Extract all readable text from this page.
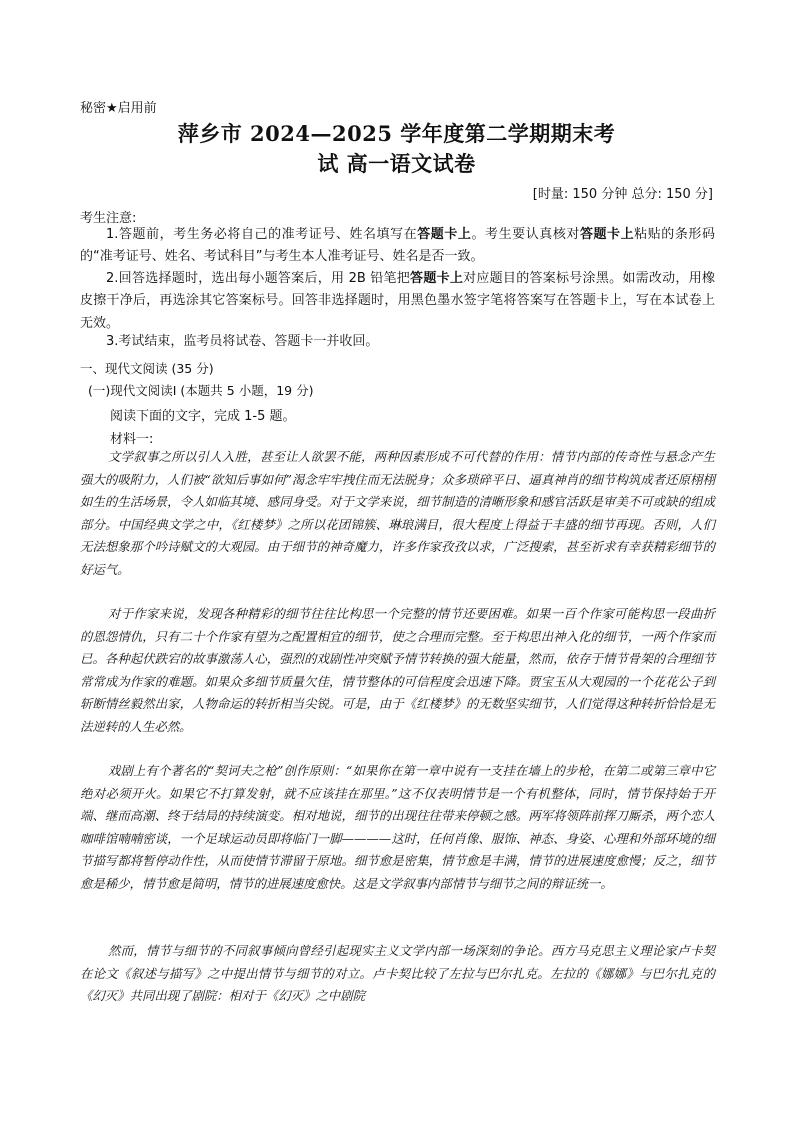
秘密★启用前
萍乡市 2024—2025 学年度第二学期期末考
试 高一语文试卷
[时量: 150 分钟 总分: 150 分]
考生注意:
1.答题前，考生务必将自己的准考证号、姓名填写在答题卡上。考生要认真核对答题卡上粘贴的条形码的“准考证号、姓名、考试科目”与考生本人准考证号、姓名是否一致。
2.回答选择题时，选出每小题答案后，用 2B 铅笔把答题卡上对应题目的答案标号涂黑。如需改动，用橡皮擦干净后，再选涂其它答案标号。回答非选择题时，用黑色墨水签字笔将答案写在答题卡上，写在本试卷上无效。
3.考试结束，监考员将试卷、答题卡一并收回。
一、现代文阅读 (35 分)
(一)现代文阅读Ⅰ (本题共 5 小题，19 分)
阅读下面的文字，完成 1-5 题。
材料一:
文学叙事之所以引人入胜，甚至让人欲罢不能，两种因素形成不可代替的作用：情节内部的传奇性与悬念产生强大的吸附力，人们被“欲知后事如何”渴念牢牢拽住而无法脱身；众多琐碎平日、逼真神肖的细节构筑成者还原栩栩如生的生活场景，令人如临其境、感同身受。对于文学来说，细节制造的清晰形象和感官活跃是审美不可或缺的组成部分。中国经典文学之中，《红楼梦》之所以花团锦簇、琳琅满目，很大程度上得益于丰盛的细节再现。否则，人们无法想象那个吟诗赋文的大观园。由于细节的神奇魔力，许多作家孜孜以求，广泛搜索，甚至祈求有幸获精彩细节的好运气。
对于作家来说，发现各种精彩的细节往往比构思一个完整的情节还要困难。如果一百个作家可能构思一段曲折的恩怨情仇，只有二十个作家有望为之配置相宜的细节，使之合理而完整。至于构思出神入化的细节，一两个作家而已。各种起伏跌宕的故事激荡人心，强烈的戏剧性冲突赋予情节转换的强大能量，然而，依存于情节骨架的合理细节常常成为作家的难题。如果众多细节质量欠佳，情节整体的可信程度会迅速下降。贾宝玉从大观园的一个花花公子到斩断情丝毅然出家，人物命运的转折相当尖锐。可是，由于《红楼梦》的无数坚实细节，人们觉得这种转折恰恰是无法逆转的人生必然。
戏剧上有个著名的“契诃夫之枪”创作原则：“如果你在第一章中说有一支挂在墙上的步枪，在第二或第三章中它绝对必须开火。如果它不打算发射，就不应该挂在那里。”这不仅表明情节是一个有机整体，同时，情节保持始于开端、继而高潮、终于结局的持续演变。相对地说，细节的出现往往带来停顿之感。两军将领阵前挥刀厮杀，两个恋人咖啡馆喃喃密谈，一个足球运动员即将临门一脚————这时，任何肖像、服饰、神态、身姿、心理和外部环境的细节描写都将暂停动作性，从而使情节滞留于原地。细节愈是密集，情节愈是丰满，情节的进展速度愈慢；反之，细节愈是稀少，情节愈是简明，情节的进展速度愈快。这是文学叙事内部情节与细节之间的辩证统一。
然而，情节与细节的不同叙事倾向曾经引起现实主义文学内部一场深刻的争论。西方马克思主义理论家卢卡契在论文《叙述与描写》之中提出情节与细节的对立。卢卡契比较了左拉与巴尔扎克。左拉的《娜娜》与巴尔扎克的《幻灭》共同出现了剧院：相对于《幻灭》之中剧院
